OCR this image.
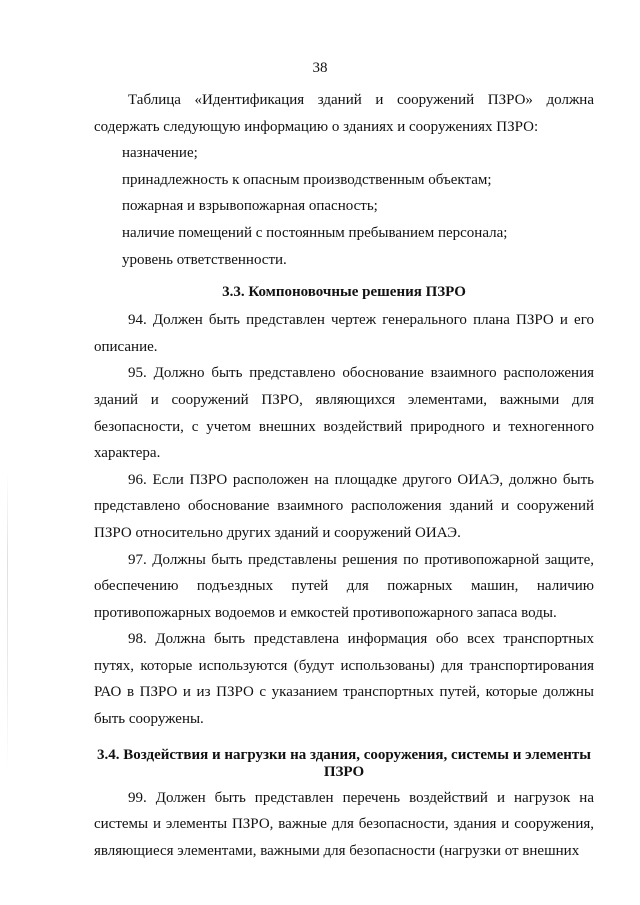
38

Таблица «Идентификация зданий и сооружений ПЗРО» должна содержать следующую информацию о зданиях и сооружениях ПЗРО:

назначение;

принадлежность к опасным производственным объектам;

пожарная и взрывопожарная опасность;

наличие помещений с постоянным пребыванием персонала;

уровень ответственности.

3.3. Компоновочные решения ПЗРО

94. Должен быть представлен чертеж генерального плана ПЗРО и его описание.

95. Должно быть представлено обоснование взаимного расположения зданий и сооружений ПЗРО, являющихся элементами, важными для безопасности, с учетом внешних воздействий природного и техногенного характера.

96. Если ПЗРО расположен на площадке другого ОИАЭ, должно быть представлено обоснование взаимного расположения зданий и сооружений ПЗРО относительно других зданий и сооружений ОИАЭ.

97. Должны быть представлены решения по противопожарной защите, обеспечению подъездных путей для пожарных машин, наличию противопожарных водоемов и емкостей противопожарного запаса воды.

98. Должна быть представлена информация обо всех транспортных путях, которые используются (будут использованы) для транспортирования РАО в ПЗРО и из ПЗРО с указанием транспортных путей, которые должны быть сооружены.

3.4. Воздействия и нагрузки на здания, сооружения, системы и элементы ПЗРО

99. Должен быть представлен перечень воздействий и нагрузок на системы и элементы ПЗРО, важные для безопасности, здания и сооружения, являющиеся элементами, важными для безопасности (нагрузки от внешних
